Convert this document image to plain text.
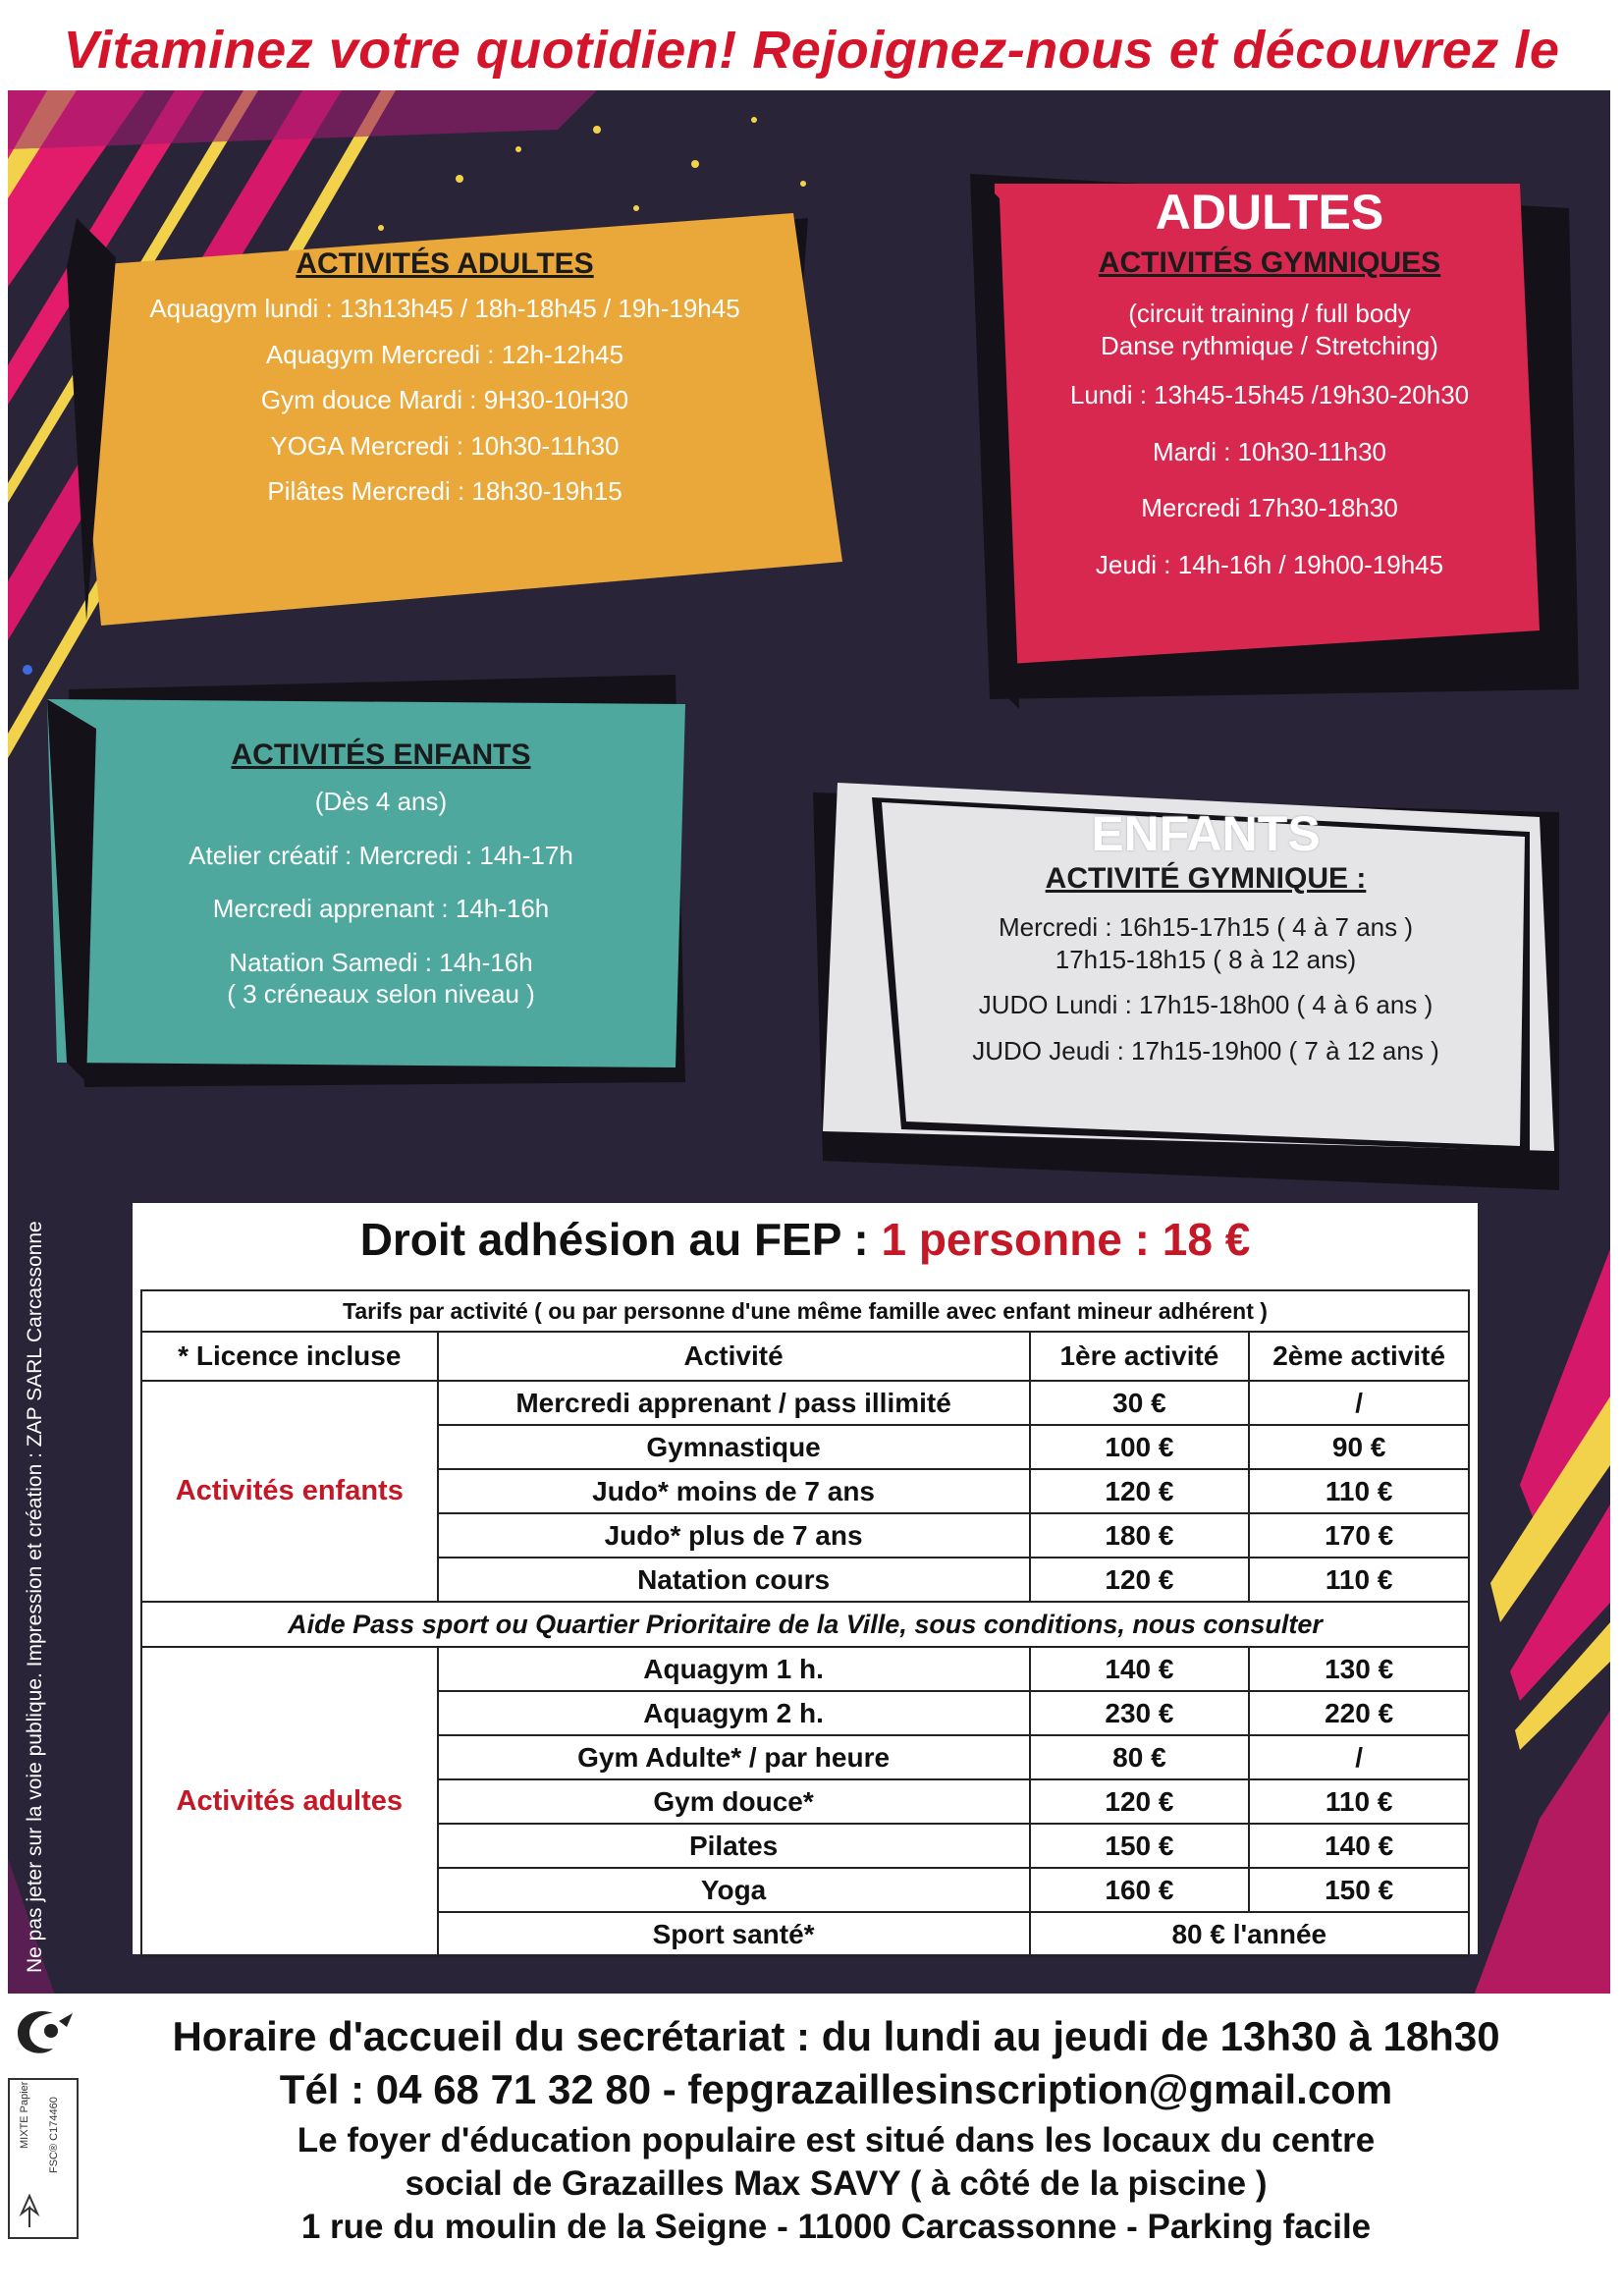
Vitaminez votre quotidien! Rejoignez-nous et découvrez le
ACTIVITÉS ADULTES
Aquagym lundi : 13h13h45 / 18h-18h45 / 19h-19h45
Aquagym Mercredi : 12h-12h45
Gym douce Mardi : 9H30-10H30
YOGA Mercredi : 10h30-11h30
Pilâtes Mercredi : 18h30-19h15
ADULTES
ACTIVITÉS GYMNIQUES
(circuit training / full body
Danse rythmique / Stretching)
Lundi : 13h45-15h45 /19h30-20h30
Mardi : 10h30-11h30
Mercredi 17h30-18h30
Jeudi : 14h-16h / 19h00-19h45
ACTIVITÉS ENFANTS
(Dès 4 ans)
Atelier créatif : Mercredi : 14h-17h
Mercredi apprenant : 14h-16h
Natation Samedi : 14h-16h
( 3 créneaux selon niveau )
ENFANTS
ACTIVITÉ GYMNIQUE :
Mercredi : 16h15-17h15 ( 4 à 7 ans )
17h15-18h15 ( 8 à 12 ans)
JUDO Lundi : 17h15-18h00 ( 4 à 6 ans )
JUDO Jeudi : 17h15-19h00 ( 7 à 12 ans )
Ne pas jeter sur la voie publique. Impression et création : ZAP SARL Carcassonne	Droit adhésion au FEP : 1 personne : 18 €
Tarifs par activité ( ou par personne d'une même famille avec enfant mineur adhérent )			
* Licence incluse	Activité	1ère activité	2ème activité
Activités enfants	Mercredi apprenant / pass illimité	30 €	/
	Gymnastique	100 €	90 €
	Judo* moins de 7 ans	120 €	110 €
	Judo* plus de 7 ans	180 €	170 €
	Natation cours	120 €	110 €
Aide Pass sport ou Quartier Prioritaire de la Ville, sous conditions, nous consulter			
Activités adultes	Aquagym 1 h.	140 €	130 €
	Aquagym 2 h.	230 €	220 €
	Gym Adulte* / par heure	80 €	/
	Gym douce*	120 €	110 €
	Pilates	150 €	140 €
	Yoga	160 €	150 €
	Sport santé*	80 € l'année	
Horaire d'accueil du secrétariat : du lundi au jeudi de 13h30 à 18h30
Tél : 04 68 71 32 80 - fepgrazaillesinscription@gmail.com
Le foyer d'éducation populaire est situé dans les locaux du centre
social de Grazailles Max SAVY ( à côté de la piscine )
1 rue du moulin de la Seigne - 11000 Carcassonne - Parking facile
MIXTE Papier FSC® C174460
